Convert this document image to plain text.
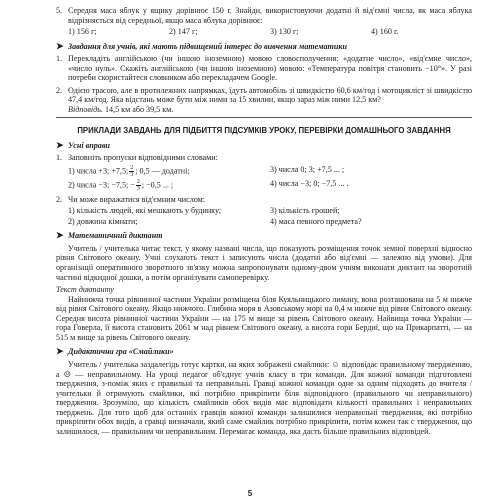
5. Середня маса яблук у ящику дорівнює 150 г. Знайди, використовуючи додатні й від'ємні числа, як маса яблука відрізняється від середньої, якщо маса яблука дорівнює:
1) 156 г;	2) 147 г;	3) 130 г;	4) 160 г.
➤ Завдання для учнів, які мають підвищений інтерес до вивчення математики
1. Перекладіть англійською (чи іншою іноземною) мовою словосполучення: «додатне число», «від'ємне число», «число нуль». Скажіть англійською (чи іншою іноземною) мовою: «Температура повітря становить −10°». У разі потреби скористайтеся словником або перекладачем Google.
2. Одією трасою, але в протилежних напрямках, їдуть автомобіль зі швидкістю 60,6 км/год і мотоцикліст зі швидкістю 47,4 км/год. Яка відстань може бути між ними за 15 хвилин, якщо зараз між ними 12,5 км?
Відповідь. 14,5 км або 39,5 км.
ПРИКЛАДИ ЗАВДАНЬ ДЛЯ ПІДБИТТЯ ПІДСУМКІВ УРОКУ, ПЕРЕВІРКИ ДОМАШНЬОГО ЗАВДАННЯ
➤ Усні вправи
1. Заповніть пропуски відповідними словами:
1) числа +3; +7,5; $\frac{2}{3}$ ; 0,5 — додатні;	3) числа 0; 3; +7,5 ... ;
2) числа −3; −7,5; − $\frac{2}{3}$ ; −0,5 ... ;	4) числа −3; 0; −7,5 ... .
2. Чи може виражатися від'ємним числом:
1) кількість людей, які мешкають у будинку;	3) кількість грошей;
2) довжина кімнати;	4) маса певного предмета?
➤ Математичний диктант
Учитель / учителька читає текст, у якому названі числа, що показують розміщення точок земної поверхні відносно рівня Світового океану. Учні слухають текст і записують числа (додатні або від'ємні — залежно від умови). Для організації оперативного зворотного зв'язку можна запропонувати одному-двом учням виконати диктант на зворотній частині відкидної дошки, а потім організувати самоперевірку.
Текст диктанту
Найнижча точка рівнинної частини України розміщена біля Куяльницького лиману, вона розташована на 5 м нижче від рівня Світового океану. Якщо нижчого. Глибина моря в Азовському морі на 0,4 м нижче від рівня Світового океану. Середня висота рівнинної частини України — на 175 м вище за рівень Світового океану. Найвища точка України — гора Говерла, її висота становить 2061 м над рівнем Світового океану, а висота гори Бердиї, що на Прикарпатті, — на 515 м вище за рівень Світового океану.
➤ Дидактична гра «Смайлики»
Учитель / учителька заздалегідь готує картки, на яких зображені смайлики: ☺ відповідає правильному твердженню, а ☹ — неправильному. На уроці педагог об'єднує учнів класу в три команди. Для кожної команди підготовлені твердження, з-поміж яких є правильні та неправильні. Гравці кожної команди одне за одним підходять до вчителя / учительки й отримують смайлики, які потрібно прикріпити біля відповідного (правильного чи неправильного) твердження. Зрозуміло, що кількість смайликів обох видів має відповідати кількості правильних і неправильних тверджень. Для того щоб для останніх гравців кожної команди залишилися неправильні твердження, які потрібно прикріпити обох видів, а гравці визначали, який саме смайлик потрібно прикріпити, потім кожен так с твердження, що залишилося, — правильним чи неправильним. Перемагає команда, яка дасть більше правильних відповідей.
5
